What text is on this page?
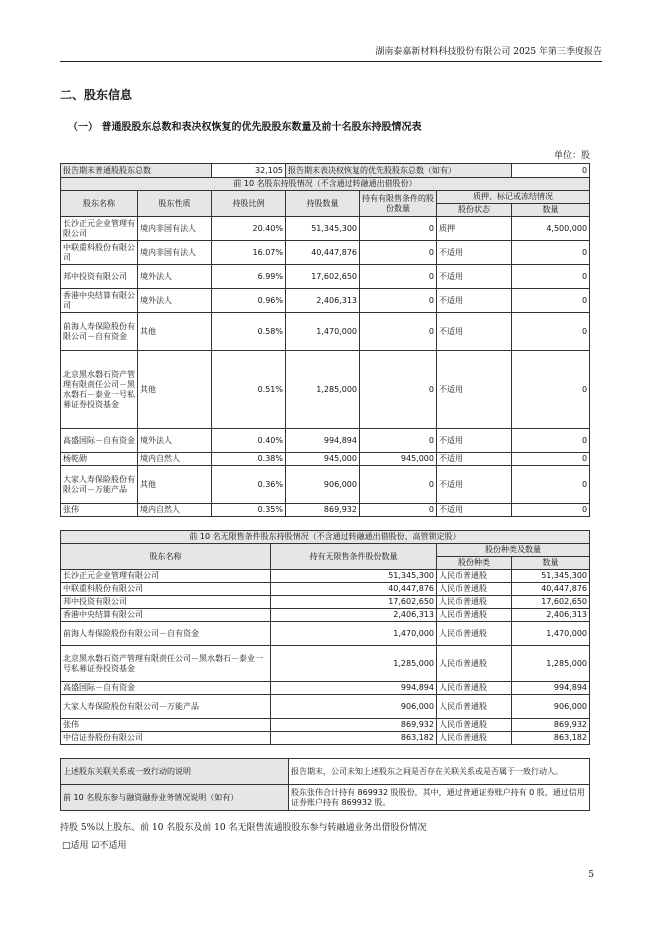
湖南泰嘉新材料科技股份有限公司 2025 年第三季度报告
二、股东信息
（一） 普通股股东总数和表决权恢复的优先股股东数量及前十名股东持股情况表
单位：股
报告期末普通股股东总数		32,105	报告期末表决权恢复的优先股股东总数（如有）			0
前 10 名股东持股情况（不含通过转融通出借股份）						
股东名称	股东性质	持股比例	持股数量	持有有限售条件的股份数量	质押、标记或冻结情况	
					股份状态	数量
长沙正元企业管理有限公司	境内非国有法人	20.40%	51,345,300	0	质押	4,500,000
中联重科股份有限公司	境内非国有法人	16.07%	40,447,876	0	不适用	0
邦中投资有限公司	境外法人	6.99%	17,602,650	0	不适用	0
香港中央结算有限公司	境外法人	0.96%	2,406,313	0	不适用	0
前海人寿保险股份有限公司－自有资金	其他	0.58%	1,470,000	0	不适用	0
北京黑水磐石资产管理有限责任公司－黑水磐石－泰业一号私募证券投资基金	其他	0.51%	1,285,000	0	不适用	0
高盛国际－自有资金	境外法人	0.40%	994,894	0	不适用	0
杨乾勋	境内自然人	0.38%	945,000	945,000	不适用	0
大家人寿保险股份有限公司－万能产品	其他	0.36%	906,000	0	不适用	0
张伟	境内自然人	0.35%	869,932	0	不适用	0
前 10 名无限售条件股东持股情况（不含通过转融通出借股份、高管锁定股）			
股东名称	持有无限售条件股份数量	股份种类及数量	
		股份种类	数量
长沙正元企业管理有限公司	51,345,300	人民币普通股	51,345,300
中联重科股份有限公司	40,447,876	人民币普通股	40,447,876
邦中投资有限公司	17,602,650	人民币普通股	17,602,650
香港中央结算有限公司	2,406,313	人民币普通股	2,406,313
前海人寿保险股份有限公司－自有资金	1,470,000	人民币普通股	1,470,000
北京黑水磐石资产管理有限责任公司－黑水磐石－泰业一号私募证券投资基金	1,285,000	人民币普通股	1,285,000
高盛国际－自有资金	994,894	人民币普通股	994,894
大家人寿保险股份有限公司－万能产品	906,000	人民币普通股	906,000
张伟	869,932	人民币普通股	869,932
中信证券股份有限公司	863,182	人民币普通股	863,182
上述股东关联关系或一致行动的说明	报告期末，公司未知上述股东之间是否存在关联关系或是否属于一致行动人。
前 10 名股东参与融资融券业务情况说明（如有）	股东张伟合计持有 869932 股股份，其中，通过普通证券账户持有 0 股，通过信用证券账户持有 869932 股。
持股 5%以上股东、前 10 名股东及前 10 名无限售流通股股东参与转融通业务出借股份情况
□适用 ☑不适用
5
